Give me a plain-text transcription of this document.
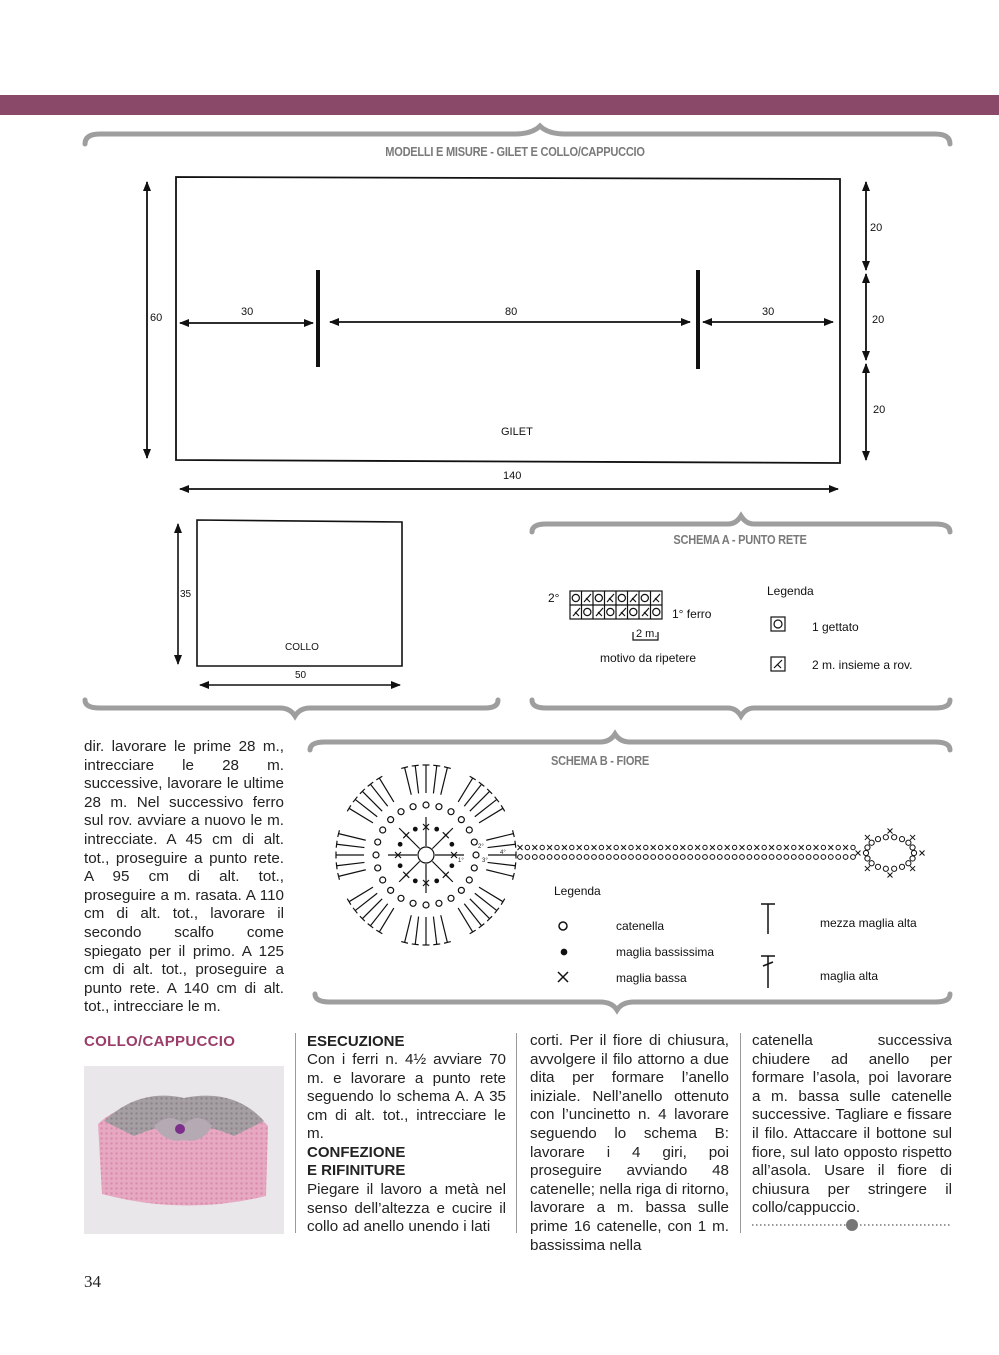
MODELLI E MISURE - GILET E COLLO/CAPPUCCIO
60	30	80	30
20
20
20
GILET
140
35
COLLO
50
SCHEMA A - PUNTO RETE
2°
1° ferro
2 m.
motivo da ripetere
Legenda
1 gettato
2 m. insieme a rov.
SCHEMA B - FIORE
Legenda
catenella
maglia bassissima
maglia bassa
mezza maglia alta
maglia alta
1°
2°
3°
4°
dir. lavorare le prime 28 m., intrecciare le 28 m. successive, lavorare le ultime 28 m. Nel successivo ferro sul rov. avviare a nuovo le m. intrecciate. A 45 cm di alt. tot., proseguire a punto rete. A 95 cm di alt. tot., proseguire a m. rasata. A 110 cm di alt. tot., lavorare il secondo scalfo come spiegato per il primo. A 125 cm di alt. tot., proseguire a punto rete. A 140 cm di alt. tot., intrecciare le m.
COLLO/CAPPUCCIO	ESECUZIONE
Con i ferri n. 4½ avviare 70 m. e lavorare a punto rete seguendo lo schema A. A 35 cm di alt. tot., intrecciare le m.
CONFEZIONE
E RIFINITURE
Piegare il lavoro a metà nel senso dell’altezza e cucire il collo ad anello unendo i lati
corti. Per il fiore di chiusura, avvolgere il filo attorno a due dita per formare l’anello iniziale. Nell’anello ottenuto con l’uncinetto n. 4 lavorare seguendo lo schema B: lavorare i 4 giri, poi proseguire avviando 48 catenelle; nella riga di ritorno, lavorare a m. bassa sulle prime 16 catenelle, con 1 m. bassissima nella
catenella successiva chiudere ad anello per formare l’asola, poi lavorare a m. bassa sulle catenelle successive. Tagliare e fissare il filo. Attaccare il bottone sul fiore, sul lato opposto rispetto all’asola. Usare il fiore di chiusura per stringere il collo/cappuccio.
34
